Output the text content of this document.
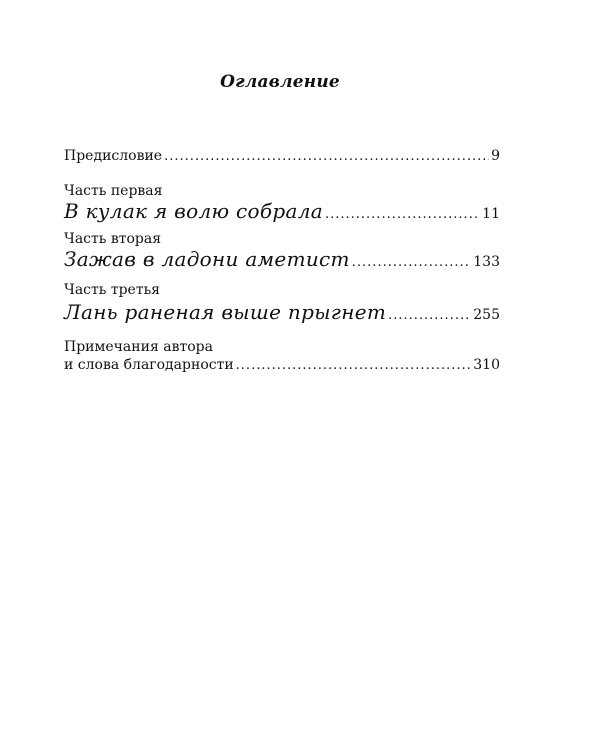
Оглавление
Предисловие .....	9
Часть первая
В кулак я волю собрала .....	11
Часть вторая
Зажав в ладони аметист .....	133
Часть третья
Лань раненая выше прыгнет .....	255
Примечания автора
и слова благодарности .....	310
